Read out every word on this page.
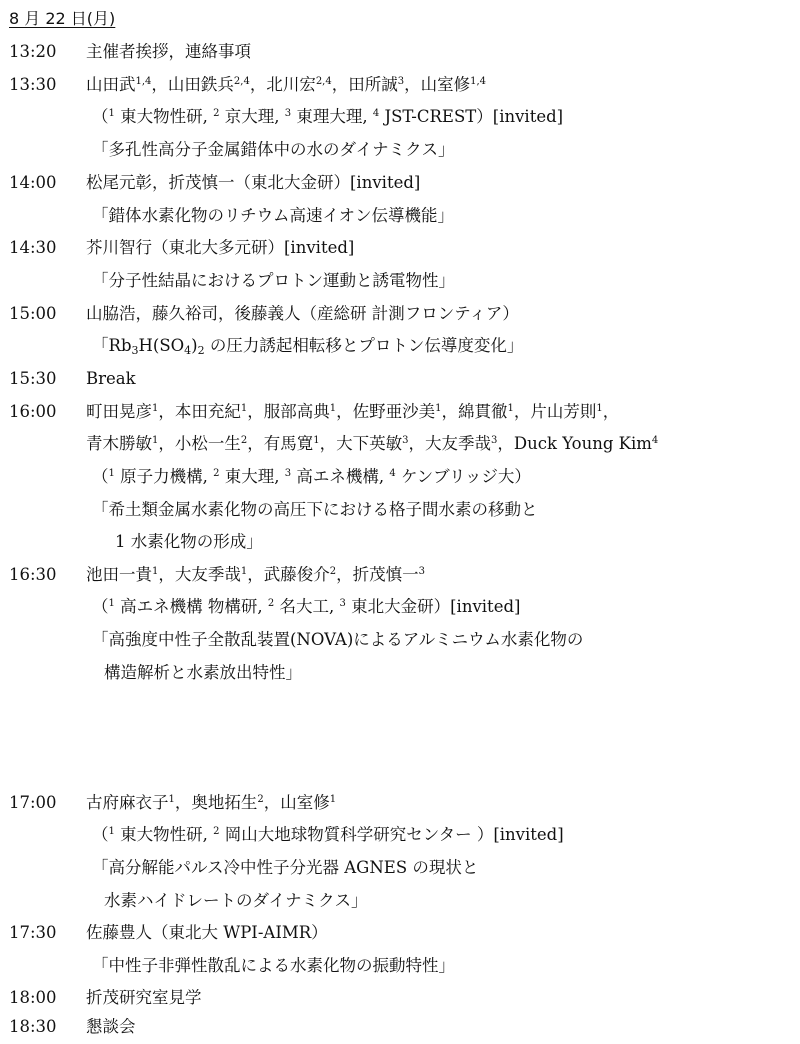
8 月 22 日(月)
13:20 主催者挨拶，連絡事項
13:30 山田武$^{1,4}$，山田鉄兵$^{2,4}$，北川宏$^{2,4}$，田所誠$^3$，山室修$^{1,4}$
（$^1$ 東大物性研, $^2$ 京大理, $^3$ 東理大理, $^4$ JST-CREST）[invited]
「多孔性高分子金属錯体中の水のダイナミクス」
14:00 松尾元彰，折茂慎一（東北大金研）[invited]
「錯体水素化物のリチウム高速イオン伝導機能」
14:30 芥川智行（東北大多元研）[invited]
「分子性結晶におけるプロトン運動と誘電物性」
15:00 山脇浩，藤久裕司，後藤義人（産総研 計測フロンティア）
「$Rb_3H(SO_4)_2$ の圧力誘起相転移とプロトン伝導度変化」
15:30 Break
16:00 町田晃彦$^1$，本田充紀$^1$，服部高典$^1$，佐野亜沙美$^1$，綿貫徹$^1$，片山芳則$^1$，
青木勝敏$^1$，小松一生$^2$，有馬寛$^1$，大下英敏$^3$，大友季哉$^3$，Duck Young Kim$^4$
（$^1$ 原子力機構, $^2$ 東大理, $^3$ 高エネ機構, $^4$ ケンブリッジ大）
「希土類金属水素化物の高圧下における格子間水素の移動と
1 水素化物の形成」
16:30 池田一貴$^1$，大友季哉$^1$，武藤俊介$^2$，折茂慎一$^3$
（$^1$ 高エネ機構 物構研, $^2$ 名大工, $^3$ 東北大金研）[invited]
「高強度中性子全散乱装置(NOVA)によるアルミニウム水素化物の
構造解析と水素放出特性」
17:00 古府麻衣子$^1$，奥地拓生$^2$，山室修$^1$
（$^1$ 東大物性研, $^2$ 岡山大地球物質科学研究センター ）[invited]
「高分解能パルス冷中性子分光器 AGNES の現状と
水素ハイドレートのダイナミクス」
17:30 佐藤豊人（東北大 WPI-AIMR）
「中性子非弾性散乱による水素化物の振動特性」
18:00 折茂研究室見学
18:30 懇談会
